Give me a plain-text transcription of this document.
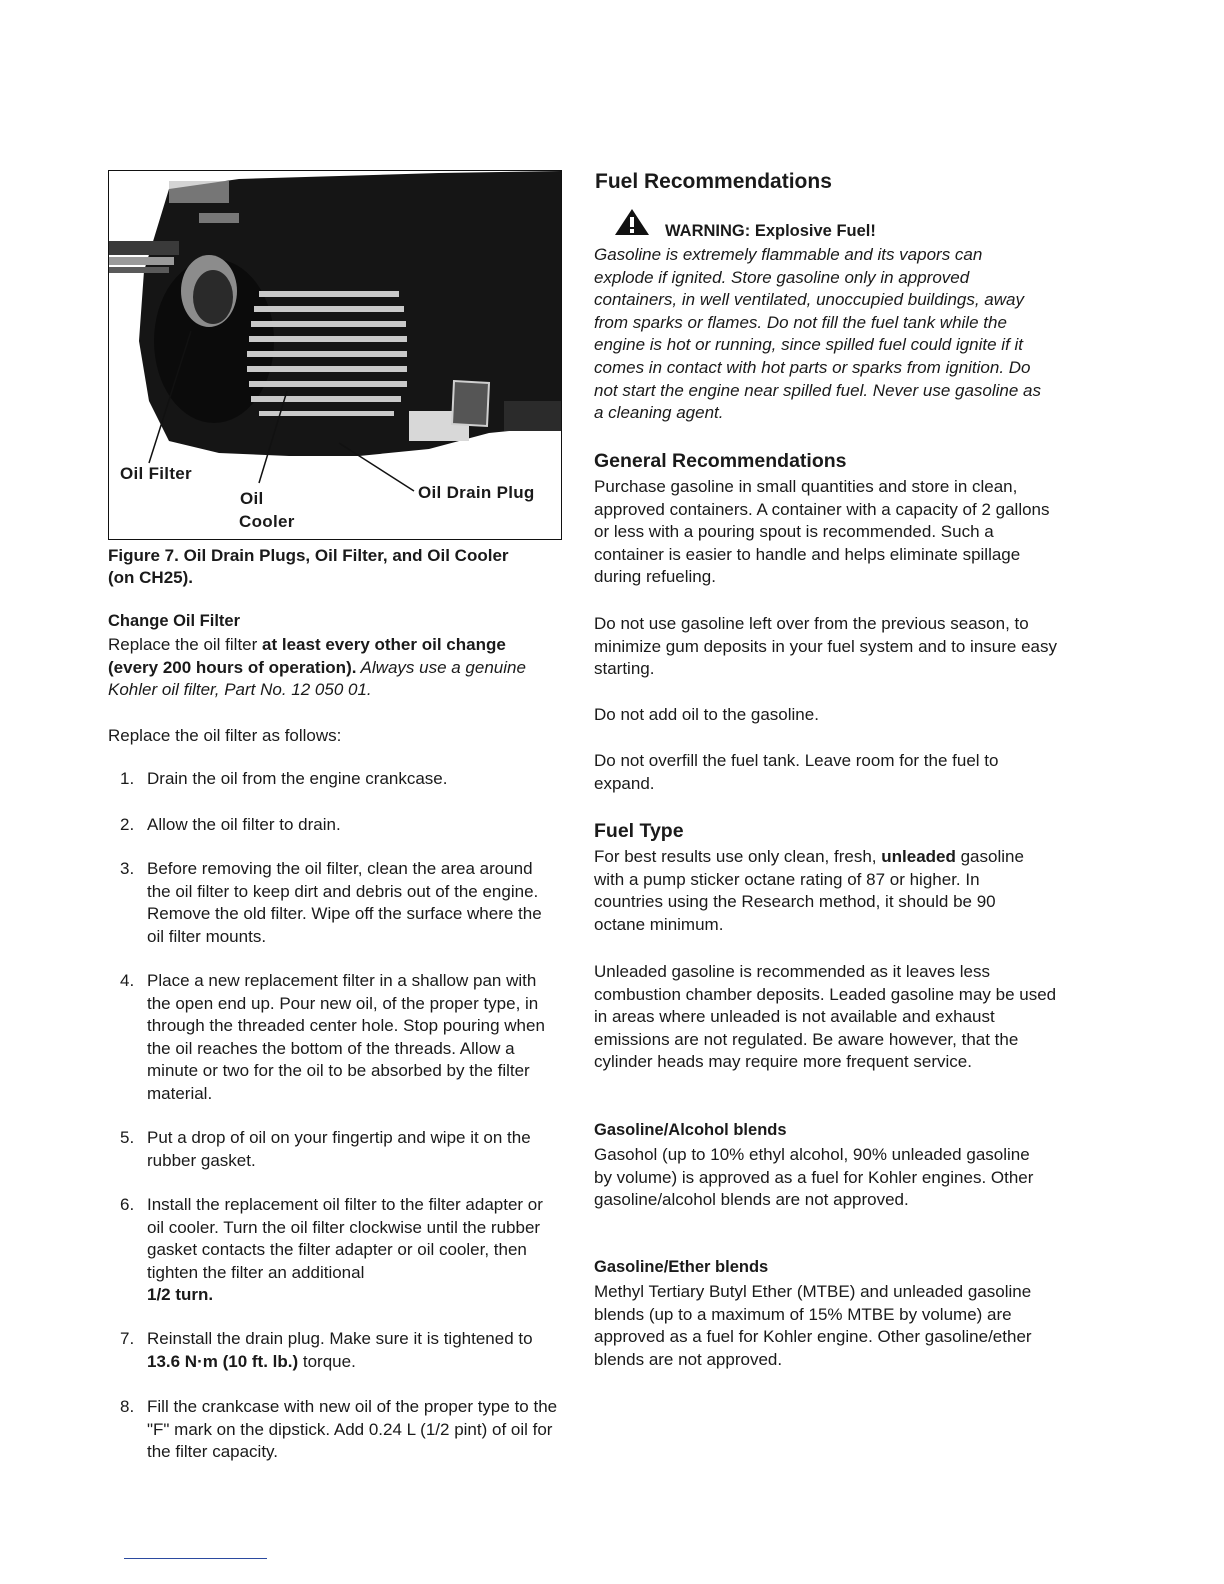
Oil Filter
Oil
Cooler
Oil Drain Plug
Figure 7. Oil Drain Plugs, Oil Filter, and Oil Cooler
(on CH25).
Change Oil Filter
Replace the oil filter at least every other oil change (every 200 hours of operation). Always use a genuine Kohler oil filter, Part No. 12 050 01.
Replace the oil filter as follows:
1. Drain the oil from the engine crankcase.
2. Allow the oil filter to drain.
3. Before removing the oil filter, clean the area around the oil filter to keep dirt and debris out of the engine. Remove the old filter. Wipe off the surface where the oil filter mounts.
4. Place a new replacement filter in a shallow pan with the open end up. Pour new oil, of the proper type, in through the threaded center hole. Stop pouring when the oil reaches the bottom of the threads. Allow a minute or two for the oil to be absorbed by the filter material.
5. Put a drop of oil on your fingertip and wipe it on the rubber gasket.
6. Install the replacement oil filter to the filter adapter or oil cooler. Turn the oil filter clockwise until the rubber gasket contacts the filter adapter or oil cooler, then tighten the filter an additional
1/2 turn.
7. Reinstall the drain plug. Make sure it is tightened to 13.6 N·m (10 ft. lb.) torque.
8. Fill the crankcase with new oil of the proper type to the "F" mark on the dipstick. Add 0.24 L (1/2 pint) of oil for the filter capacity.
Fuel Recommendations
WARNING: Explosive Fuel!
Gasoline is extremely flammable and its vapors can explode if ignited. Store gasoline only in approved containers, in well ventilated, unoccupied buildings, away from sparks or flames. Do not fill the fuel tank while the engine is hot or running, since spilled fuel could ignite if it comes in contact with hot parts or sparks from ignition. Do not start the engine near spilled fuel. Never use gasoline as a cleaning agent.
General Recommendations
Purchase gasoline in small quantities and store in clean, approved containers. A container with a capacity of 2 gallons or less with a pouring spout is recommended. Such a container is easier to handle and helps eliminate spillage during refueling.
Do not use gasoline left over from the previous season, to minimize gum deposits in your fuel system and to insure easy starting.
Do not add oil to the gasoline.
Do not overfill the fuel tank. Leave room for the fuel to expand.
Fuel Type
For best results use only clean, fresh, unleaded gasoline with a pump sticker octane rating of 87 or higher. In countries using the Research method, it should be 90 octane minimum.
Unleaded gasoline is recommended as it leaves less combustion chamber deposits. Leaded gasoline may be used in areas where unleaded is not available and exhaust emissions are not regulated. Be aware however, that the cylinder heads may require more frequent service.
Gasoline/Alcohol blends
Gasohol (up to 10% ethyl alcohol, 90% unleaded gasoline by volume) is approved as a fuel for Kohler engines. Other gasoline/alcohol blends are not approved.
Gasoline/Ether blends
Methyl Tertiary Butyl Ether (MTBE) and unleaded gasoline blends (up to a maximum of 15% MTBE by volume) are approved as a fuel for Kohler engine. Other gasoline/ether blends are not approved.
